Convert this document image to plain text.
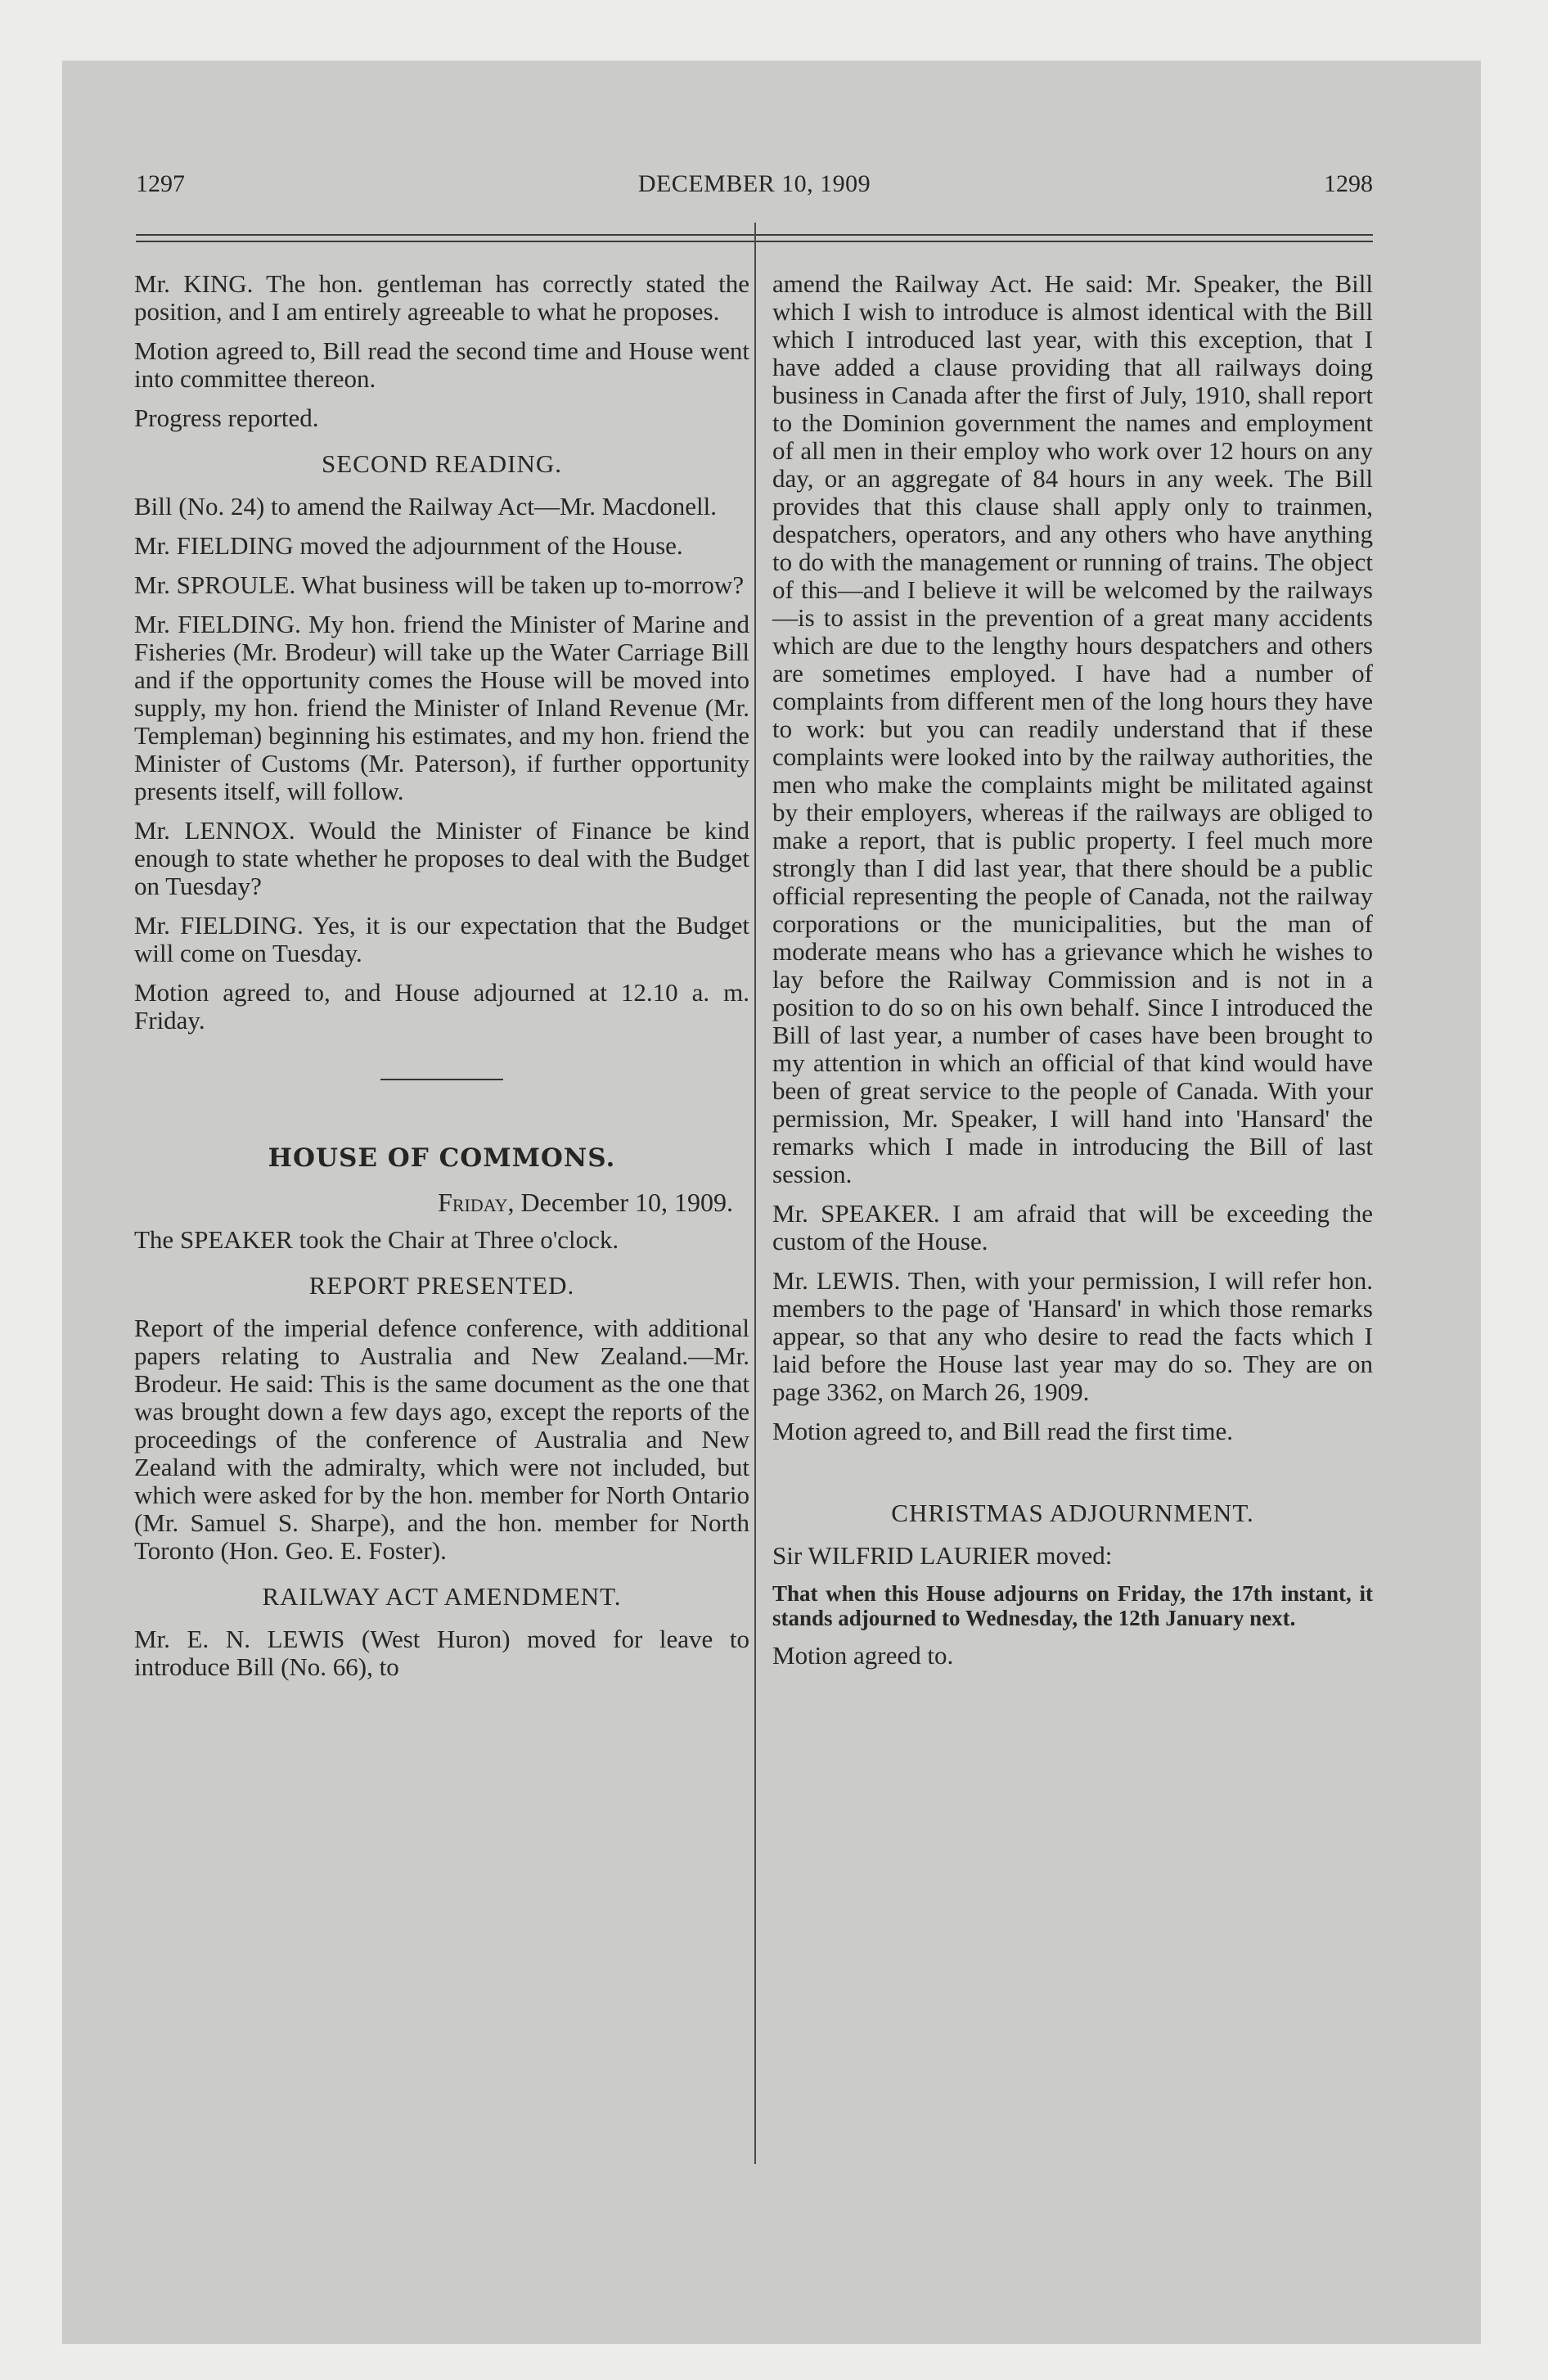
1297	DECEMBER 10, 1909	1298

Mr. KING. The hon. gentleman has correctly stated the position, and I am entirely agreeable to what he proposes.

Motion agreed to, Bill read the second time and House went into committee thereon.

Progress reported.

SECOND READING.

Bill (No. 24) to amend the Railway Act—Mr. Macdonell.

Mr. FIELDING moved the adjournment of the House.

Mr. SPROULE. What business will be taken up to-morrow?

Mr. FIELDING. My hon. friend the Minister of Marine and Fisheries (Mr. Brodeur) will take up the Water Carriage Bill and if the opportunity comes the House will be moved into supply, my hon. friend the Minister of Inland Revenue (Mr. Templeman) beginning his estimates, and my hon. friend the Minister of Customs (Mr. Paterson), if further opportunity presents itself, will follow.

Mr. LENNOX. Would the Minister of Finance be kind enough to state whether he proposes to deal with the Budget on Tuesday?

Mr. FIELDING. Yes, it is our expectation that the Budget will come on Tuesday.

Motion agreed to, and House adjourned at 12.10 a. m. Friday.

HOUSE OF COMMONS.
Friday, December 10, 1909.

The SPEAKER took the Chair at Three o'clock.

REPORT PRESENTED.

Report of the imperial defence conference, with additional papers relating to Australia and New Zealand.—Mr. Brodeur. He said: This is the same document as the one that was brought down a few days ago, except the reports of the proceedings of the conference of Australia and New Zealand with the admiralty, which were not included, but which were asked for by the hon. member for North Ontario (Mr. Samuel S. Sharpe), and the hon. member for North Toronto (Hon. Geo. E. Foster).

RAILWAY ACT AMENDMENT.

Mr. E. N. LEWIS (West Huron) moved for leave to introduce Bill (No. 66), to

amend the Railway Act. He said: Mr. Speaker, the Bill which I wish to introduce is almost identical with the Bill which I introduced last year, with this exception, that I have added a clause providing that all railways doing business in Canada after the first of July, 1910, shall report to the Dominion government the names and employment of all men in their employ who work over 12 hours on any day, or an aggregate of 84 hours in any week. The Bill provides that this clause shall apply only to trainmen, despatchers, operators, and any others who have anything to do with the management or running of trains. The object of this—and I believe it will be welcomed by the railways—is to assist in the prevention of a great many accidents which are due to the lengthy hours despatchers and others are sometimes employed. I have had a number of complaints from different men of the long hours they have to work: but you can readily understand that if these complaints were looked into by the railway authorities, the men who make the complaints might be militated against by their employers, whereas if the railways are obliged to make a report, that is public property. I feel much more strongly than I did last year, that there should be a public official representing the people of Canada, not the railway corporations or the municipalities, but the man of moderate means who has a grievance which he wishes to lay before the Railway Commission and is not in a position to do so on his own behalf. Since I introduced the Bill of last year, a number of cases have been brought to my attention in which an official of that kind would have been of great service to the people of Canada. With your permission, Mr. Speaker, I will hand into 'Hansard' the remarks which I made in introducing the Bill of last session.

Mr. SPEAKER. I am afraid that will be exceeding the custom of the House.

Mr. LEWIS. Then, with your permission, I will refer hon. members to the page of 'Hansard' in which those remarks appear, so that any who desire to read the facts which I laid before the House last year may do so. They are on page 3362, on March 26, 1909.

Motion agreed to, and Bill read the first time.

CHRISTMAS ADJOURNMENT.

Sir WILFRID LAURIER moved:

That when this House adjourns on Friday, the 17th instant, it stands adjourned to Wednesday, the 12th January next.

Motion agreed to.
